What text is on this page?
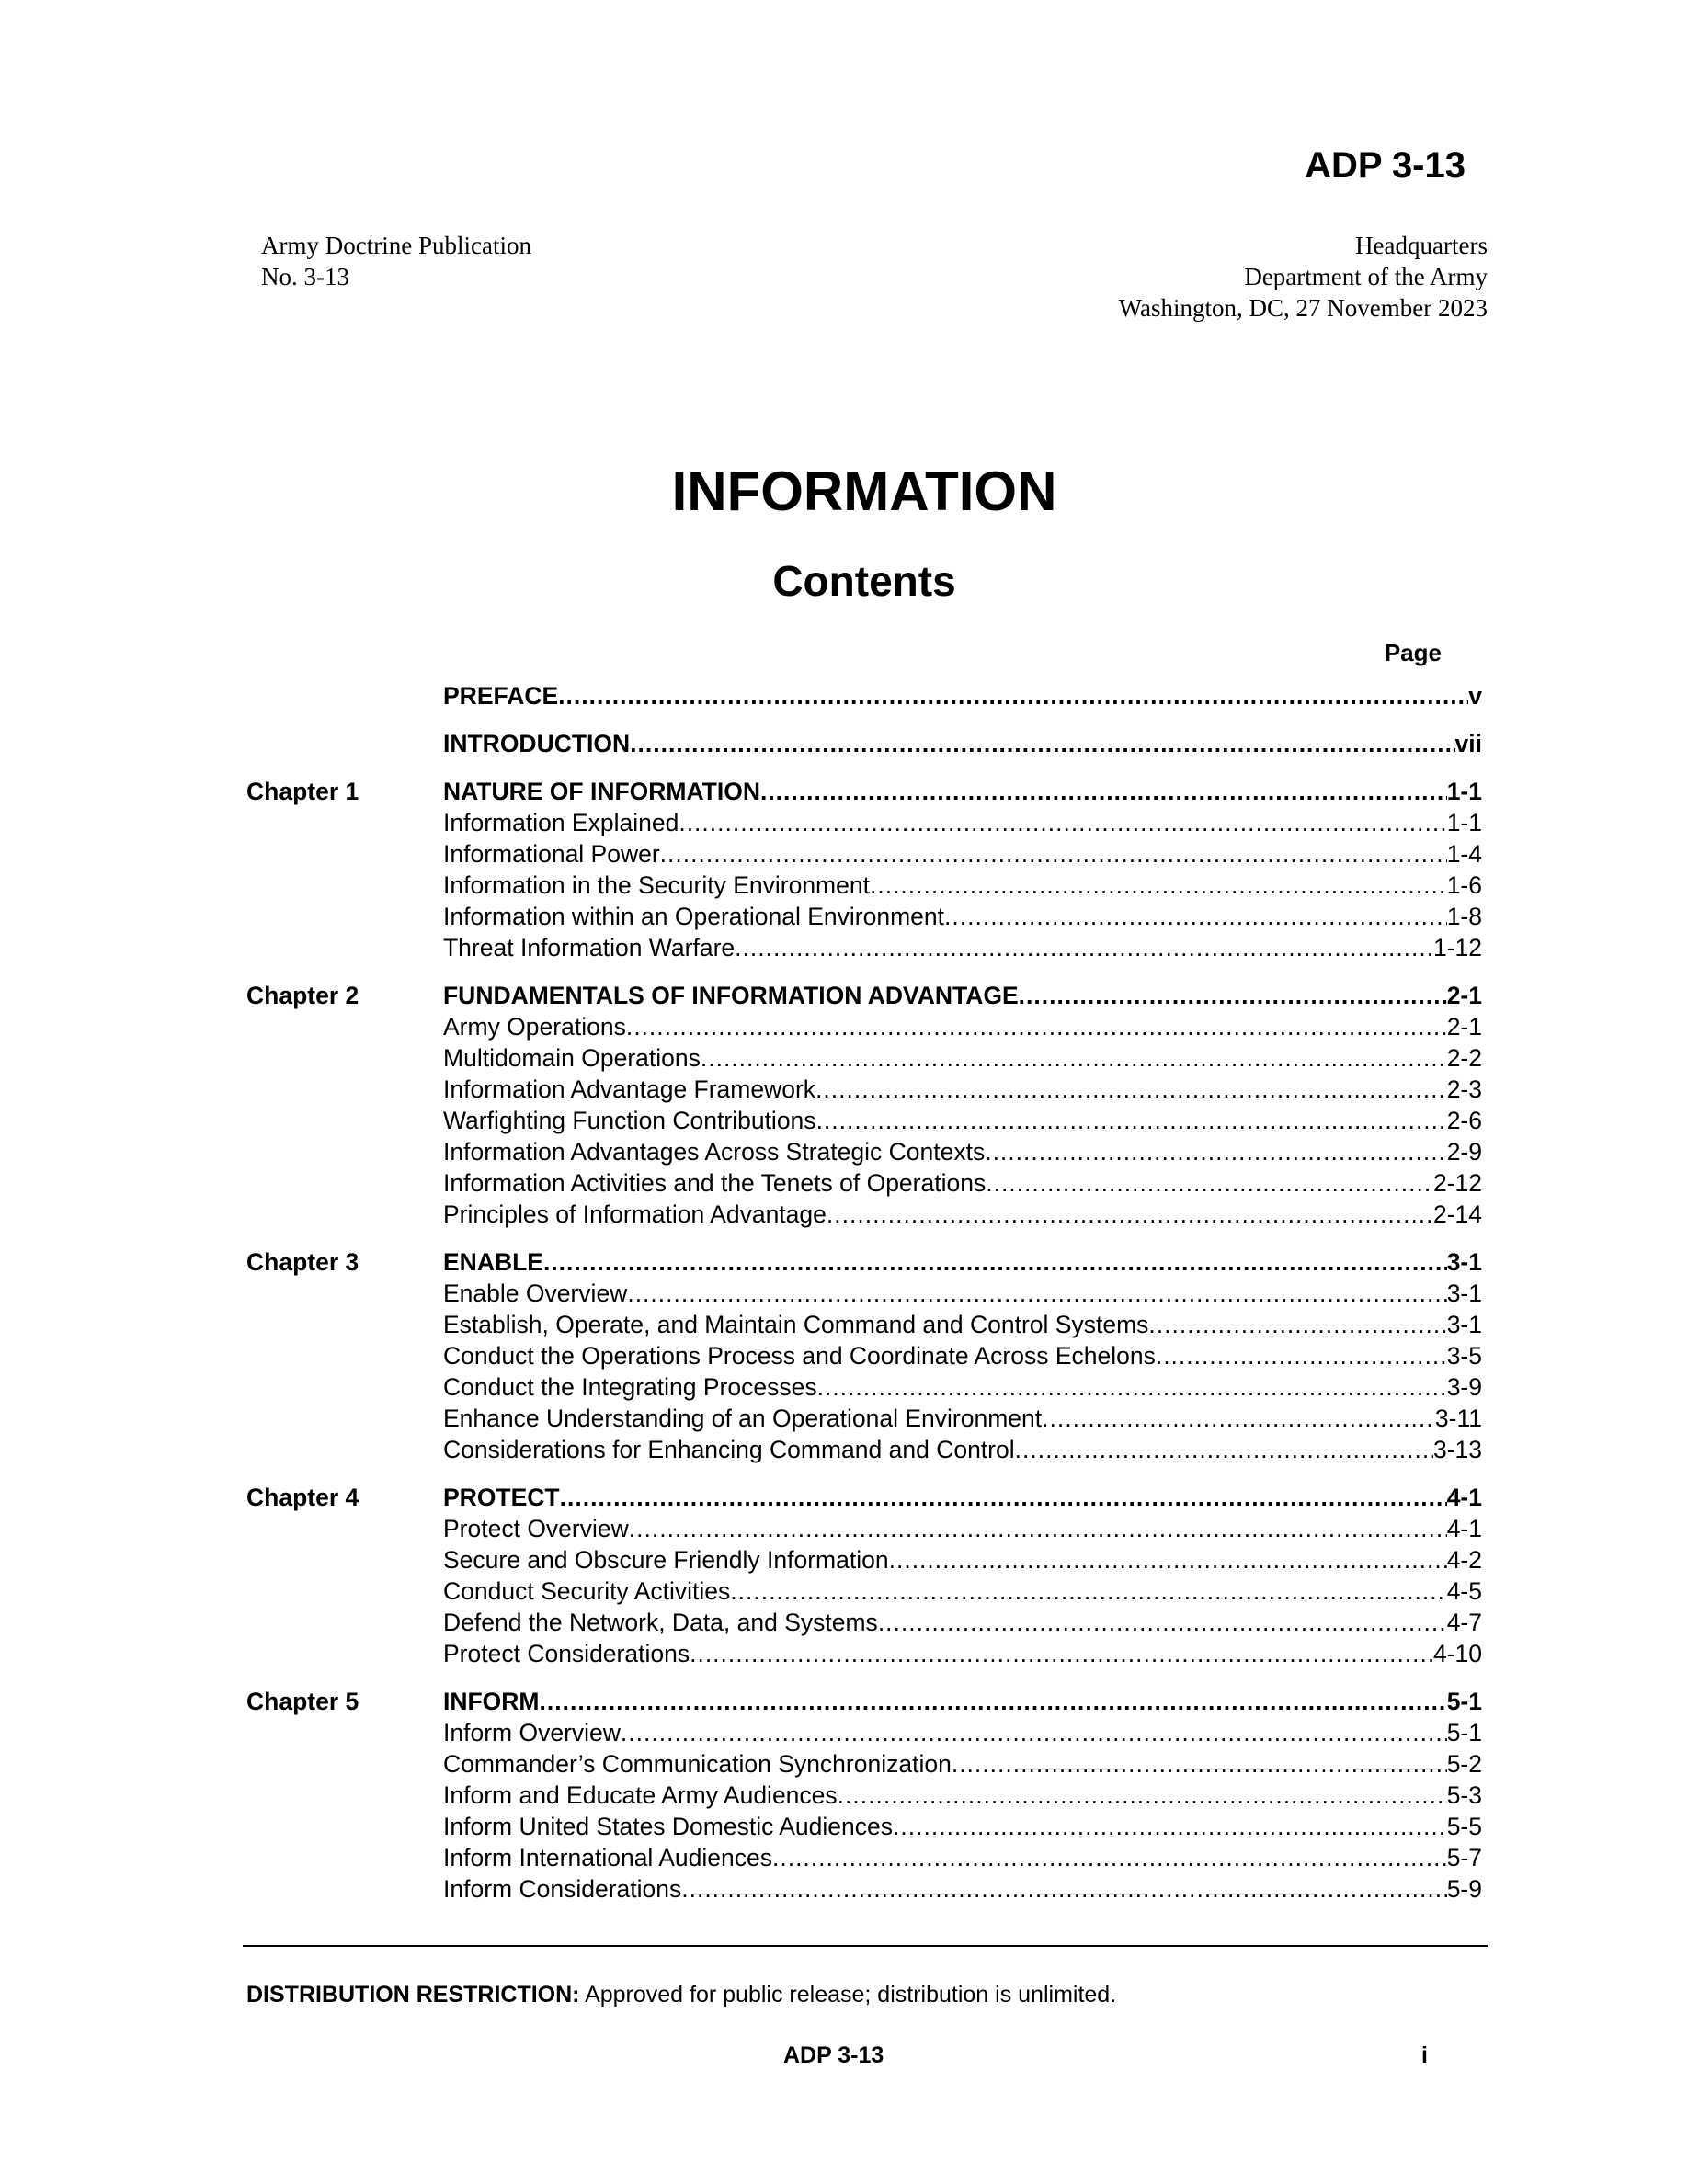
ADP 3-13
Army Doctrine Publication
No. 3-13
Headquarters
Department of the Army
Washington, DC, 27 November 2023
INFORMATION
Contents
Page
PREFACE .....	v
INTRODUCTION .....	vii
Chapter 1	NATURE OF INFORMATION .....	1-1
Information Explained .....	1-1
Informational Power .....	1-4
Information in the Security Environment .....	1-6
Information within an Operational Environment .....	1-8
Threat Information Warfare .....	1-12
Chapter 2	FUNDAMENTALS OF INFORMATION ADVANTAGE .....	2-1
Army Operations .....	2-1
Multidomain Operations .....	2-2
Information Advantage Framework .....	2-3
Warfighting Function Contributions .....	2-6
Information Advantages Across Strategic Contexts .....	2-9
Information Activities and the Tenets of Operations .....	2-12
Principles of Information Advantage .....	2-14
Chapter 3	ENABLE .....	3-1
Enable Overview .....	3-1
Establish, Operate, and Maintain Command and Control Systems .....	3-1
Conduct the Operations Process and Coordinate Across Echelons .....	3-5
Conduct the Integrating Processes .....	3-9
Enhance Understanding of an Operational Environment .....	3-11
Considerations for Enhancing Command and Control .....	3-13
Chapter 4	PROTECT .....	4-1
Protect Overview .....	4-1
Secure and Obscure Friendly Information .....	4-2
Conduct Security Activities .....	4-5
Defend the Network, Data, and Systems .....	4-7
Protect Considerations .....	4-10
Chapter 5	INFORM .....	5-1
Inform Overview .....	5-1
Commander’s Communication Synchronization .....	5-2
Inform and Educate Army Audiences .....	5-3
Inform United States Domestic Audiences .....	5-5
Inform International Audiences .....	5-7
Inform Considerations .....	5-9
DISTRIBUTION RESTRICTION: Approved for public release; distribution is unlimited.
ADP 3-13	i
